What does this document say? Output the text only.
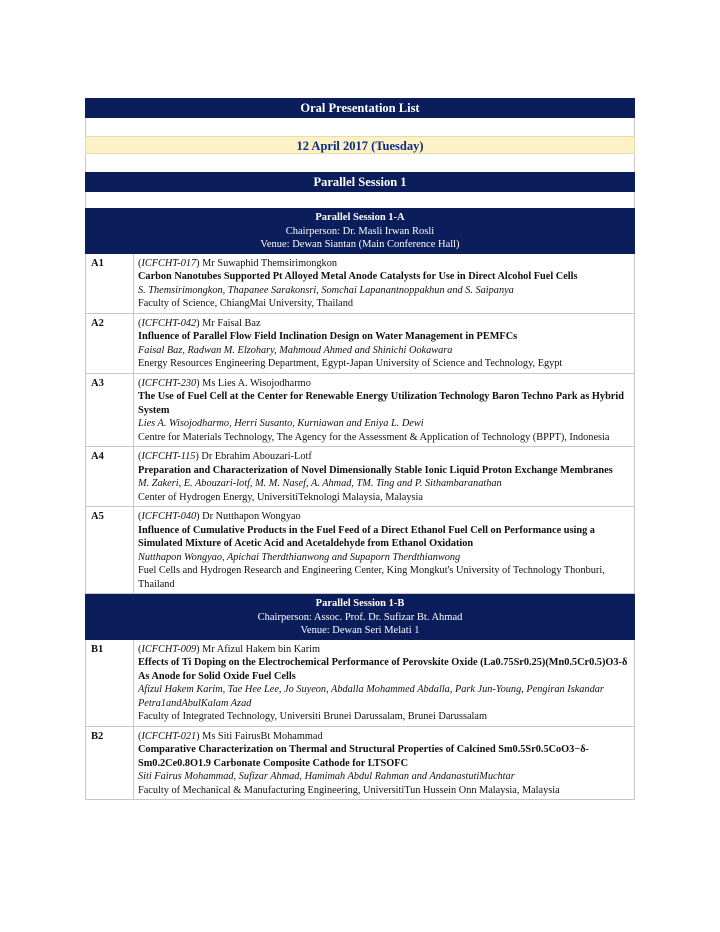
Oral Presentation List
12 April 2017 (Tuesday)
Parallel Session 1
Parallel Session 1-A
Chairperson: Dr. Masli Irwan Rosli
Venue: Dewan Siantan (Main Conference Hall)
A1	(ICFCHT-017) Mr Suwaphid Themsirimongkon
Carbon Nanotubes Supported Pt Alloyed Metal Anode Catalysts for Use in Direct Alcohol Fuel Cells
S. Themsirimongkon, Thapanee Sarakonsri, Somchai Lapanantnoppakhun and S. Saipanya
Faculty of Science, ChiangMai University, Thailand
A2	(ICFCHT-042) Mr Faisal Baz
Influence of Parallel Flow Field Inclination Design on Water Management in PEMFCs
Faisal Baz, Radwan M. Elzohary, Mahmoud Ahmed and Shinichi Ookawara
Energy Resources Engineering Department, Egypt-Japan University of Science and Technology, Egypt
A3	(ICFCHT-230) Ms Lies A. Wisojodharmo
The Use of Fuel Cell at the Center for Renewable Energy Utilization Technology Baron Techno Park as Hybrid System
Lies A. Wisojodharmo, Herri Susanto, Kurniawan and Eniya L. Dewi
Centre for Materials Technology, The Agency for the Assessment & Application of Technology (BPPT), Indonesia
A4	(ICFCHT-115) Dr Ebrahim Abouzari-Lotf
Preparation and Characterization of Novel Dimensionally Stable Ionic Liquid Proton Exchange Membranes
M. Zakeri, E. Abouzari-lotf, M. M. Nasef, A. Ahmad, TM. Ting and P. Sithambaranathan
Center of Hydrogen Energy, UniversitiTeknologi Malaysia, Malaysia
A5	(ICFCHT-040) Dr Nutthapon Wongyao
Influence of Cumulative Products in the Fuel Feed of a Direct Ethanol Fuel Cell on Performance using a Simulated Mixture of Acetic Acid and Acetaldehyde from Ethanol Oxidation
Nutthapon Wongyao, Apichai Therdthianwong and Supaporn Therdthianwong
Fuel Cells and Hydrogen Research and Engineering Center, King Mongkut's University of Technology Thonburi, Thailand
Parallel Session 1-B
Chairperson: Assoc. Prof. Dr. Sufizar Bt. Ahmad
Venue: Dewan Seri Melati 1
B1	(ICFCHT-009) Mr Afizul Hakem bin Karim
Effects of Ti Doping on the Electrochemical Performance of Perovskite Oxide (La0.75Sr0.25)(Mn0.5Cr0.5)O3-δ As Anode for Solid Oxide Fuel Cells
Afizul Hakem Karim, Tae Hee Lee, Jo Suyeon, Abdalla Mohammed Abdalla, Park Jun-Young, Pengiran Iskandar Petra1andAbulKalam Azad
Faculty of Integrated Technology, Universiti Brunei Darussalam, Brunei Darussalam
B2	(ICFCHT-021) Ms Siti FairusBt Mohammad
Comparative Characterization on Thermal and Structural Properties of Calcined Sm0.5Sr0.5CoO3−δ-Sm0.2Ce0.8O1.9 Carbonate Composite Cathode for LTSOFC
Siti Fairus Mohammad, Sufizar Ahmad, Hamimah Abdul Rahman and AndanastutiMuchtar
Faculty of Mechanical & Manufacturing Engineering, UniversitiTun Hussein Onn Malaysia, Malaysia
